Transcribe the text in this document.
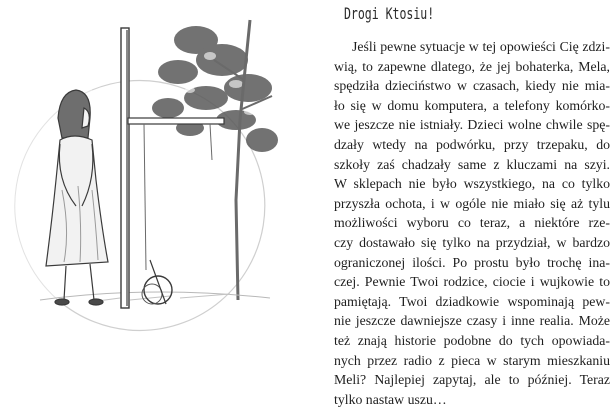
Drogi Ktosiu!

Jeśli pewne sytuacje w tej opowieści Cię zdzi-
wią, to zapewne dlatego, że jej bohaterka, Mela,
spędziła dzieciństwo w czasach, kiedy nie mia-
ło się w domu komputera, a telefony komórko-
we jeszcze nie istniały. Dzieci wolne chwile spę-
dzały wtedy na podwórku, przy trzepaku, do
szkoły zaś chadzały same z kluczami na szyi.
W sklepach nie było wszystkiego, na co tylko
przyszła ochota, i w ogóle nie miało się aż tylu
możliwości wyboru co teraz, a niektóre rze-
czy dostawało się tylko na przydział, w bardzo
ograniczonej ilości. Po prostu było trochę ina-
czej. Pewnie Twoi rodzice, ciocie i wujkowie to
pamiętają. Twoi dziadkowie wspominają pew-
nie jeszcze dawniejsze czasy i inne realia. Może
też znają historie podobne do tych opowiada-
nych przez radio z pieca w starym mieszkaniu
Meli? Najlepiej zapytaj, ale to później. Teraz
tylko nastaw uszu…
